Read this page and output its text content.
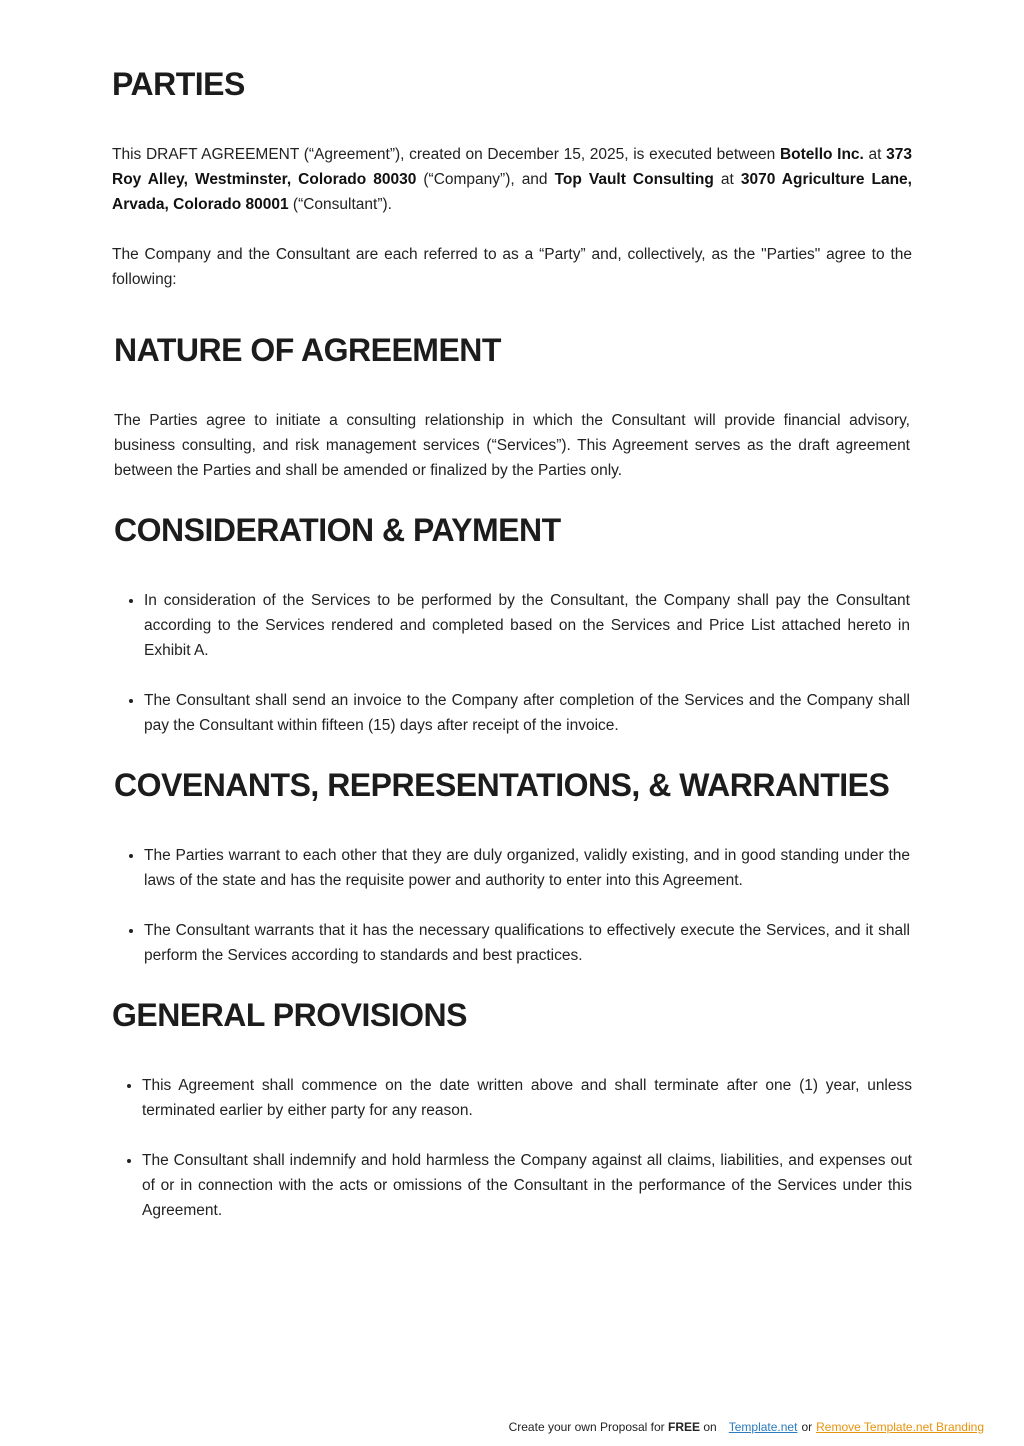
PARTIES

This DRAFT AGREEMENT (“Agreement”), created on December 15, 2025, is executed between Botello Inc. at 373 Roy Alley, Westminster, Colorado 80030 (“Company”), and Top Vault Consulting at 3070 Agriculture Lane, Arvada, Colorado 80001 (“Consultant”).

The Company and the Consultant are each referred to as a “Party” and, collectively, as the "Parties" agree to the following:

NATURE OF AGREEMENT

The Parties agree to initiate a consulting relationship in which the Consultant will provide financial advisory, business consulting, and risk management services (“Services”). This Agreement serves as the draft agreement between the Parties and shall be amended or finalized by the Parties only.

CONSIDERATION & PAYMENT
• In consideration of the Services to be performed by the Consultant, the Company shall pay the Consultant according to the Services rendered and completed based on the Services and Price List attached hereto in Exhibit A.
• The Consultant shall send an invoice to the Company after completion of the Services and the Company shall pay the Consultant within fifteen (15) days after receipt of the invoice.
COVENANTS, REPRESENTATIONS, & WARRANTIES
• The Parties warrant to each other that they are duly organized, validly existing, and in good standing under the laws of the state and has the requisite power and authority to enter into this Agreement.
• The Consultant warrants that it has the necessary qualifications to effectively execute the Services, and it shall perform the Services according to standards and best practices.
GENERAL PROVISIONS
• This Agreement shall commence on the date written above and shall terminate after one (1) year, unless terminated earlier by either party for any reason.
• The Consultant shall indemnify and hold harmless the Company against all claims, liabilities, and expenses out of or in connection with the acts or omissions of the Consultant in the performance of the Services under this Agreement.
Create your own Proposal for FREE on Template.net or Remove Template.net Branding
